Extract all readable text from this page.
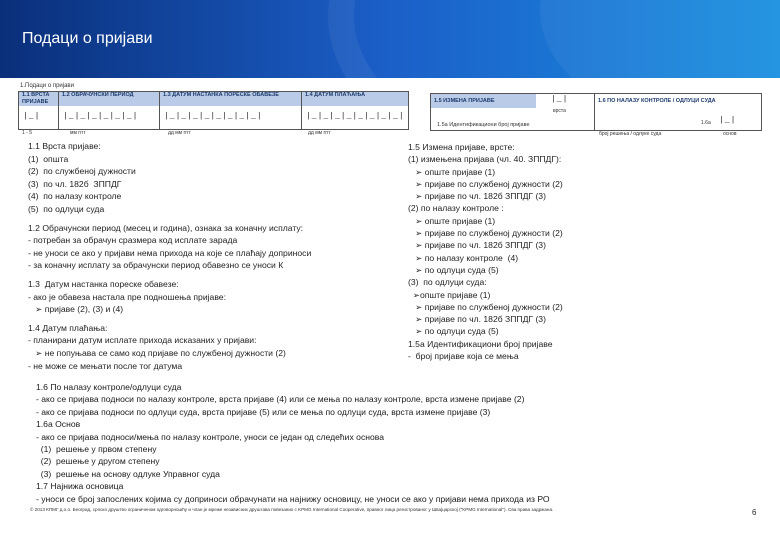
Подаци о пријави
1.Подаци о пријави
1.1 ВРСТА ПРИЈАВЕ
|_|
1 - 5
1.2 ОБРАЧУНСКИ ПЕРИОД
|_|_|_|_|_|_|
мм гггг
1.3 ДАТУМ НАСТАНКА ПОРЕСКЕ ОБАВЕЗЕ
|_|_|_|_|_|_|_|_|
дд мм гггг
1.4 ДАТУМ ПЛАЋАЊА
|_|_|_|_|_|_|_|_|
дд мм гггг
1.5 ИЗМЕНА ПРИЈАВЕ	|_|
врста
1.5а Идентификациони број пријаве
1.6 ПО НАЛАЗУ КОНТРОЛЕ / ОДЛУЦИ СУДА
1.6а |_|
број решења / одлуке суда	основ
1.1 Врста пријаве:
(1)  општа
(2)  по службеној дужности
(3)  по чл. 182б  ЗППДГ
(4)  по налазу контроле
(5)  по одлуци суда
1.2 Обрачунски период (месец и година), ознака за коначну исплату:
- потребан за обрачун сразмера код исплате зарада
- не уноси се ако у пријави нема прихода на које се плаћају доприноси
- за коначну исплату за обрачунски период обавезно се уноси К
1.3  Датум настанка пореске обавезе:
- ако је обавеза настала пре подношења пријаве:
➢ пријаве (2), (3) и (4)
1.4 Датум плаћања:
- планирани датум исплате прихода исказаних у пријави:
➢ не попуњава се само код пријаве по службеној дужности (2)
- не може се мењати после тог датума
1.5 Измена пријаве, врсте:
(1) измењена пријава (чл. 40. ЗППДГ):
➢ опште пријаве (1)
➢ пријаве по службеној дужности (2)
➢ пријаве по чл. 182б ЗППДГ (3)
(2) по налазу контроле :
➢ опште пријаве (1)
➢ пријаве по службеној дужности (2)
➢ пријаве по чл. 182б ЗППДГ (3)
➢ по налазу контроле  (4)
➢ по одлуци суда (5)
(3)  по одлуци суда:
➢опште пријаве (1)
➢ пријаве по службеној дужности (2)
➢ пријаве по чл. 182б ЗППДГ (3)
➢ по одлуци суда (5)
1.5а Идентификациони број пријаве
-  број пријаве која се мења
1.6 По налазу контроле/одлуци суда
- ако се пријава подноси по налазу контроле, врста пријаве (4) или се мења по налазу контроле, врста измене пријаве (2)
- ако се пријава подноси по одлуци суда, врста пријаве (5) или се мења по одлуци суда, врста измене пријаве (3)
1.6а Основ
- ако се пријава подноси/мења по налазу контроле, уноси се један од следећих основа
(1)  решење у првом степену
(2)  решење у другом степену
(3)  решење на основу одлуке Управног суда
1.7 Најнижа основица
- уноси се број запослених којима су доприноси обрачунати на најнижу основицу, не уноси се ако у пријави нема прихода из РО
© 2013 КПМГ д.о.о. Београд, српско друштво ограниченом одговорношћу и члан је мреже независних друштава повезаних с KPMG International Cooperative, правног лица регистрованог у Швајцарској ("KPMG International"). Сва права задржана.	6
